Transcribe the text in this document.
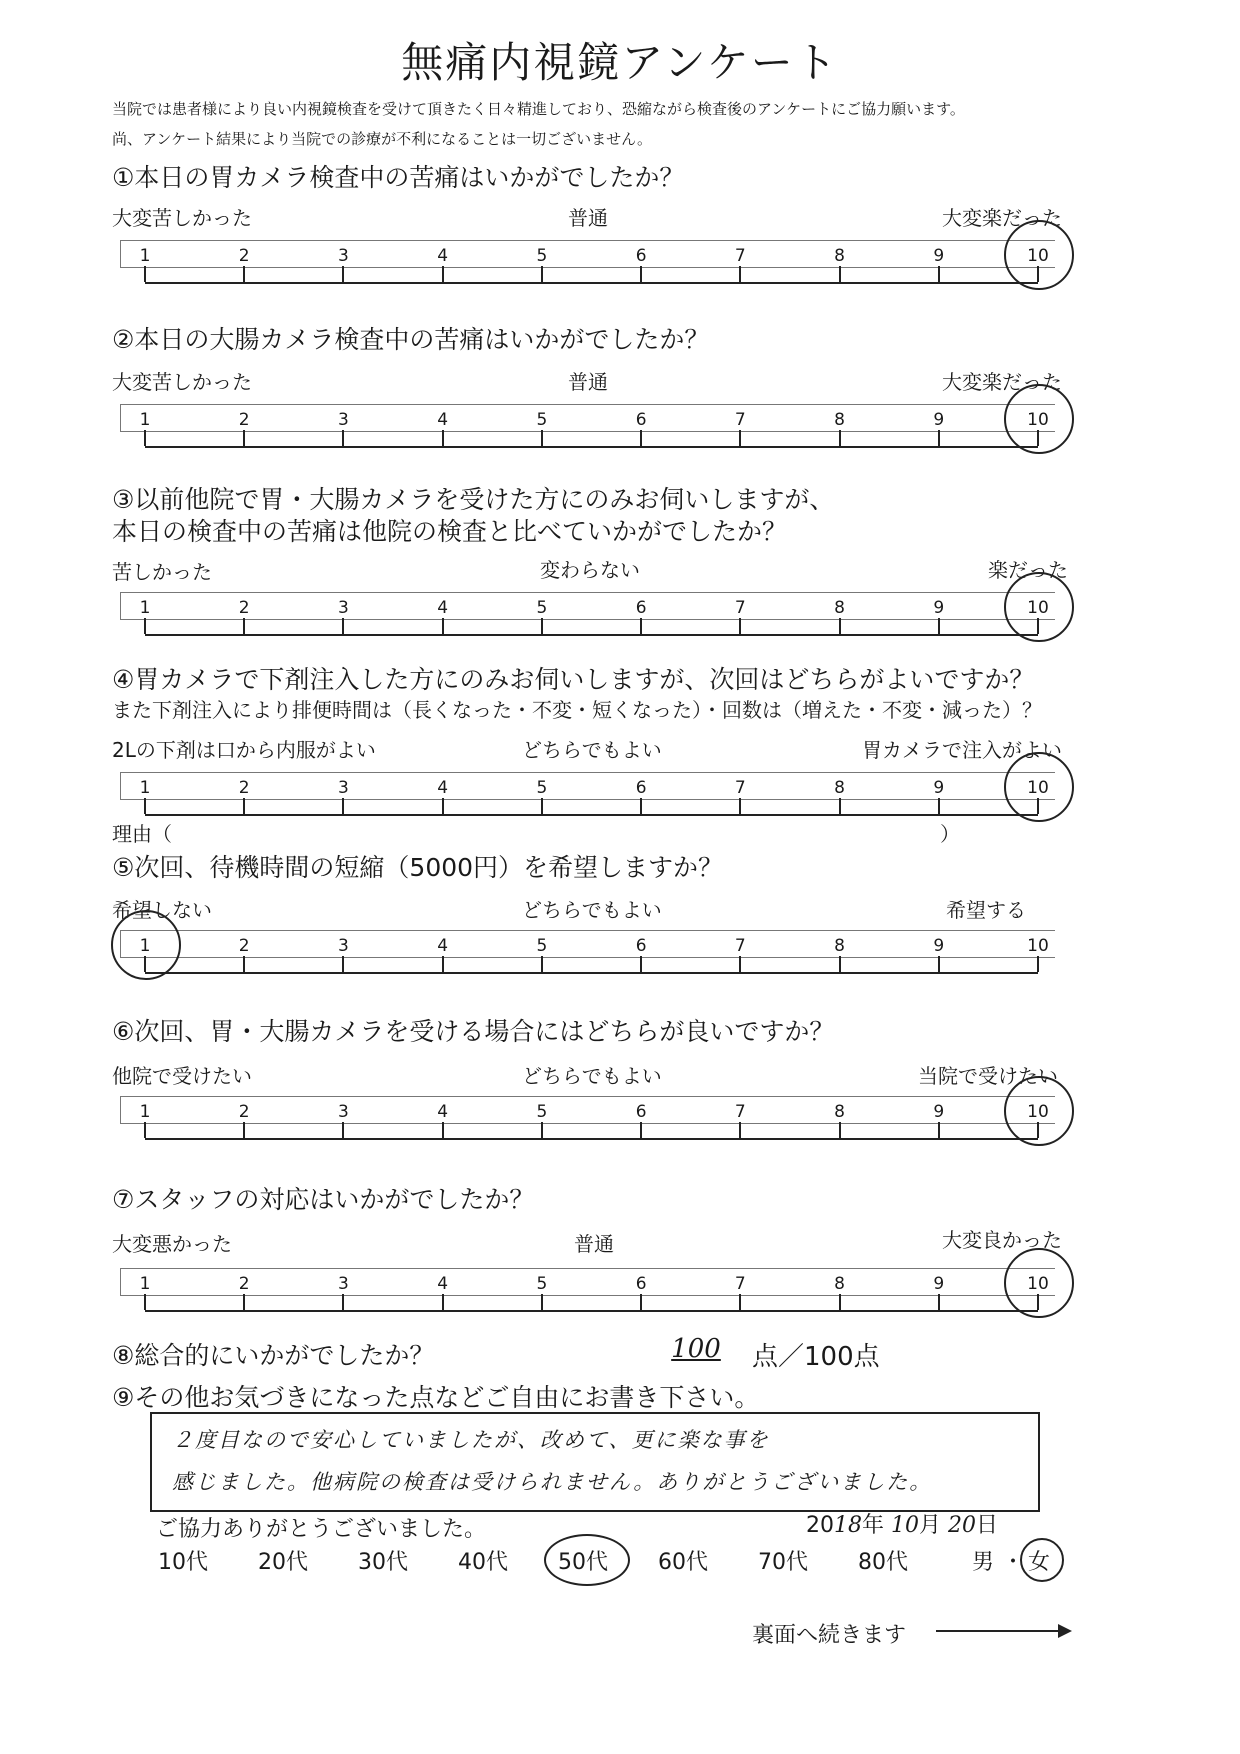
無痛内視鏡アンケート
当院では患者様により良い内視鏡検査を受けて頂きたく日々精進しており、恐縮ながら検査後のアンケートにご協力願います。
尚、アンケート結果により当院での診療が不利になることは一切ございません。
①本日の胃カメラ検査中の苦痛はいかがでしたか？
大変苦しかった	普通	大変楽だった
1	2	3	4	5	6	7	8	9	10
②本日の大腸カメラ検査中の苦痛はいかがでしたか？
大変苦しかった	普通	大変楽だった
1	2	3	4	5	6	7	8	9	10
③以前他院で胃・大腸カメラを受けた方にのみお伺いしますが、
本日の検査中の苦痛は他院の検査と比べていかがでしたか？
苦しかった	変わらない	楽だった
1	2	3	4	5	6	7	8	9	10
④胃カメラで下剤注入した方にのみお伺いしますが、次回はどちらがよいですか？
また下剤注入により排便時間は（長くなった・不変・短くなった）・回数は（増えた・不変・減った）？
2Lの下剤は口から内服がよい	どちらでもよい	胃カメラで注入がよい
1	2	3	4	5	6	7	8	9	10
理由（	）
⑤次回、待機時間の短縮（5000円）を希望しますか？
希望しない	どちらでもよい	希望する
1	2	3	4	5	6	7	8	9	10
⑥次回、胃・大腸カメラを受ける場合にはどちらが良いですか？
他院で受けたい	どちらでもよい	当院で受けたい
1	2	3	4	5	6	7	8	9	10
⑦スタッフの対応はいかがでしたか？
大変悪かった	普通	大変良かった
1	2	3	4	5	6	7	8	9	10
⑧総合的にいかがでしたか？	100	点／100点
⑨その他お気づきになった点などご自由にお書き下さい。
２度目なので安心していましたが、改めて、更に楽な事を
感じました。他病院の検査は受けられません。ありがとうございました。
ご協力ありがとうございました。	2018年 10月 20日
10代 20代 30代 40代 50代 60代 70代 80代	男 ・ 女
裏面へ続きます
